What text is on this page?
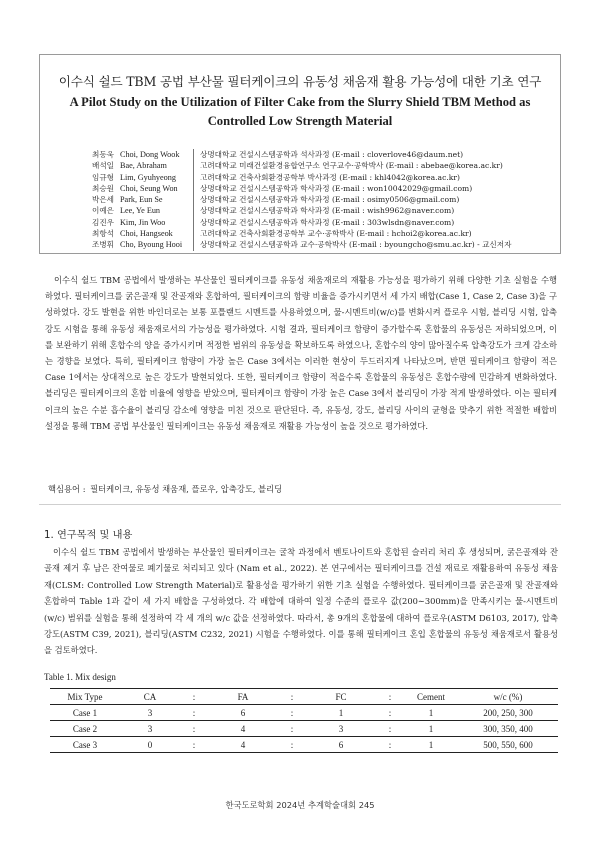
이수식 쉴드 TBM 공법 부산물 필터케이크의 유동성 채움재 활용 가능성에 대한 기초 연구
A Pilot Study on the Utilization of Filter Cake from the Slurry Shield TBM Method as
Controlled Low Strength Material
최동욱 Choi, Dong Wook	상명대학교 건설시스템공학과 석사과정 (E-mail : cloverlove46@daum.net)
배석일 Bae, Abraham	고려대학교 미래건설환경융합연구소 연구교수·공학박사 (E-mail : abebae@korea.ac.kr)
임규형 Lim, Gyuhyeong	고려대학교 건축사회환경공학부 박사과정 (E-mail : khl4042@korea.ac.kr)
최승원 Choi, Seung Won	상명대학교 건설시스템공학과 학사과정 (E-mail : won10042029@gmail.com)
박은세 Park, Eun Se	상명대학교 건설시스템공학과 학사과정 (E-mail : osimy0506@gmail.com)
이예은 Lee, Ye Eun	상명대학교 건설시스템공학과 학사과정 (E-mail : wish9962@naver.com)
김진우 Kim, Jin Woo	상명대학교 건설시스템공학과 학사과정 (E-mail : 303wlsdn@naver.com)
최항석 Choi, Hangseok	고려대학교 건축사회환경공학부 교수·공학박사 (E-mail : hchoi2@korea.ac.kr)
조병휘 Cho, Byoung Hooi	상명대학교 건설시스템공학과 교수·공학박사 (E-mail : byoungcho@smu.ac.kr) - 교신저자

이수식 쉴드 TBM 공법에서 발생하는 부산물인 필터케이크를 유동성 채움재로의 재활용 가능성을 평가하기 위해 다양한 기초 실험을 수행하였다. 필터케이크를 굵은골재 및 잔골재와 혼합하여, 필터케이크의 함량 비율을 증가시키면서 세 가지 배합(Case 1, Case 2, Case 3)을 구성하였다. 강도 발현을 위한 바인더로는 보통 포틀랜드 시멘트를 사용하였으며, 물-시멘트비(w/c)를 변화시켜 플로우 시험, 블리딩 시험, 압축강도 시험을 통해 유동성 채움재로서의 가능성을 평가하였다. 시험 결과, 필터케이크 함량이 증가할수록 혼합물의 유동성은 저하되었으며, 이를 보완하기 위해 혼합수의 양을 증가시키며 적정한 범위의 유동성을 확보하도록 하였으나, 혼합수의 양이 많아질수록 압축강도가 크게 감소하는 경향을 보였다. 특히, 필터케이크 함량이 가장 높은 Case 3에서는 이러한 현상이 두드러지게 나타났으며, 반면 필터케이크 함량이 적은 Case 1에서는 상대적으로 높은 강도가 발현되었다. 또한, 필터케이크 함량이 적을수록 혼합물의 유동성은 혼합수량에 민감하게 변화하였다. 블리딩은 필터케이크의 혼합 비율에 영향을 받았으며, 필터케이크 함량이 가장 높은 Case 3에서 블리딩이 가장 적게 발생하였다. 이는 필터케이크의 높은 수분 흡수율이 블리딩 감소에 영향을 미친 것으로 판단된다. 즉, 유동성, 강도, 블리딩 사이의 균형을 맞추기 위한 적절한 배합비 설정을 통해 TBM 공법 부산물인 필터케이크는 유동성 채움재로 재활용 가능성이 높을 것으로 평가하였다.

핵심용어 : 필터케이크, 유동성 채움재, 플로우, 압축강도, 블리딩
1. 연구목적 및 내용

이수식 쉴드 TBM 공법에서 발생하는 부산물인 필터케이크는 굴착 과정에서 벤토나이트와 혼합된 슬러리 처리 후 생성되며, 굵은골재와 잔골재 제거 후 남은 잔여물로 폐기물로 처리되고 있다 (Nam et al., 2022). 본 연구에서는 필터케이크를 건설 재료로 재활용하여 유동성 채움재(CLSM: Controlled Low Strength Material)로 활용성을 평가하기 위한 기초 실험을 수행하였다. 필터케이크를 굵은골재 및 잔골재와 혼합하여 Table 1과 같이 세 가지 배합을 구성하였다. 각 배합에 대하여 일정 수준의 플로우 값(200∼300mm)을 만족시키는 물-시멘트비(w/c) 범위를 실험을 통해 설정하여 각 세 개의 w/c 값을 선정하였다. 따라서, 총 9개의 혼합물에 대하여 플로우(ASTM D6103, 2017), 압축강도(ASTM C39, 2021), 블리딩(ASTM C232, 2021) 시험을 수행하였다. 이를 통해 필터케이크 혼입 혼합물의 유동성 채움재로서 활용성을 검토하였다.

Table 1. Mix design
Mix Type	CA	:	FA	:	FC	:	Cement	w/c (%)
Case 1	3	:	6	:	1	:	1	200, 250, 300
Case 2	3	:	4	:	3	:	1	300, 350, 400
Case 3	0	:	4	:	6	:	1	500, 550, 600
한국도로학회 2024년 추계학술대회 245
